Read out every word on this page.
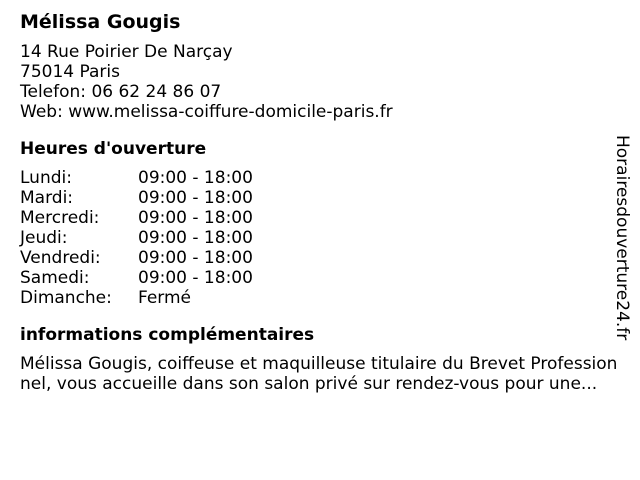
Mélissa Gougis
14 Rue Poirier De Narçay
75014 Paris
Telefon: 06 62 24 86 07
Web: www.melissa-coiffure-domicile-paris.fr
Heures d'ouverture
Lundi:	09:00 - 18:00
Mardi:	09:00 - 18:00
Mercredi:	09:00 - 18:00
Jeudi:	09:00 - 18:00
Vendredi:	09:00 - 18:00
Samedi:	09:00 - 18:00
Dimanche:	Fermé
informations complémentaires
Mélissa Gougis, coiffeuse et maquilleuse titulaire du Brevet Professionnel, vous accueille dans son salon privé sur rendez-vous pour une...
Horairesdouverture24.fr
